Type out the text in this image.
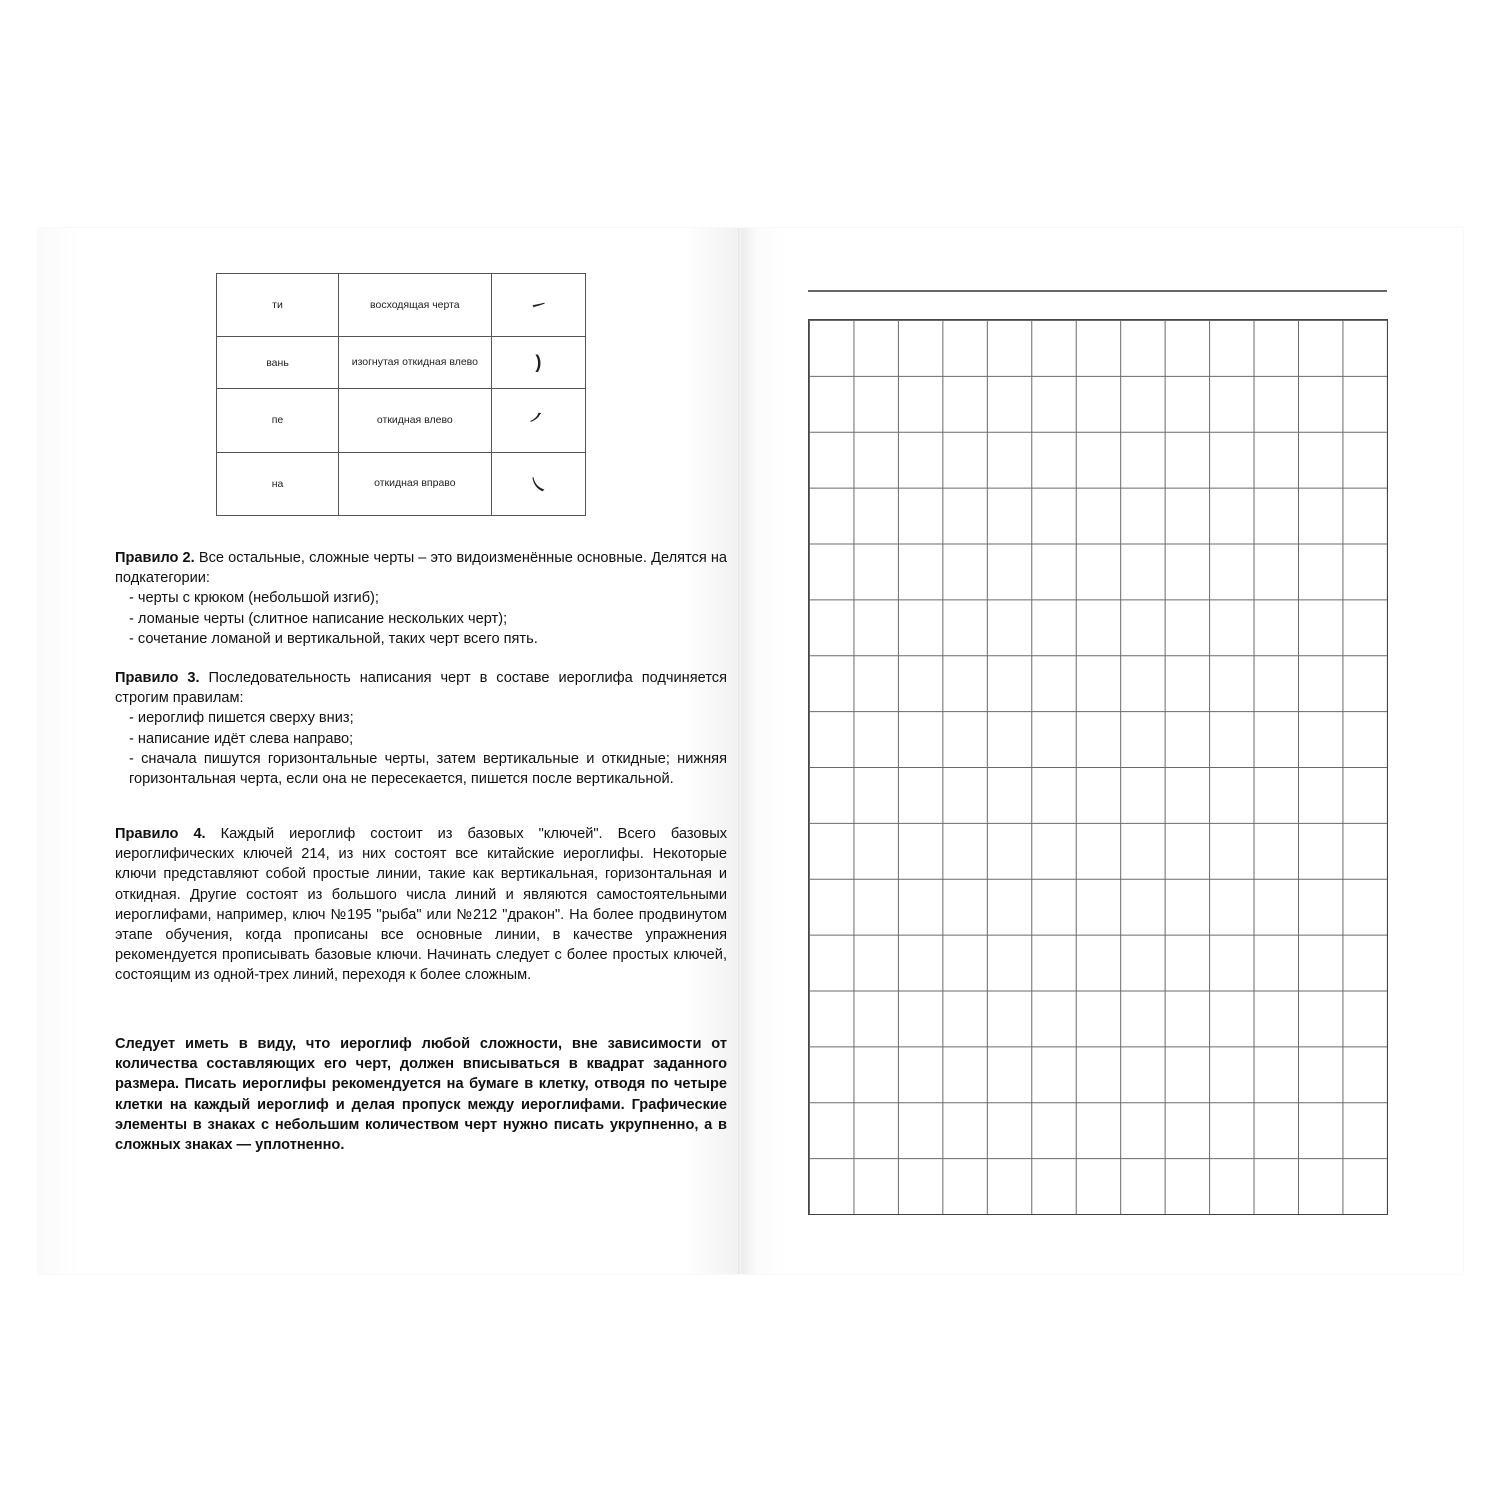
ти	восходящая черта	㇀
вань	изогнутая откидная влево	)
пе	откидная влево	㇒
на	откидная вправо	㇏

Правило 2. Все остальные, сложные черты – это видоизменённые основные. Делятся на подкатегории:

- черты с крюком (небольшой изгиб);

- ломаные черты (слитное написание нескольких черт);

- сочетание ломаной и вертикальной, таких черт всего пять.

Правило 3. Последовательность написания черт в составе иероглифа подчиняется строгим правилам:

- иероглиф пишется сверху вниз;

- написание идёт слева направо;

- сначала пишутся горизонтальные черты, затем вертикальные и откидные; нижняя горизонтальная черта, если она не пересекается, пишется после вертикальной.

Правило 4. Каждый иероглиф состоит из базовых "ключей". Всего базовых иероглифических ключей 214, из них состоят все китайские иероглифы. Некоторые ключи представляют собой простые линии, такие как вертикальная, горизонтальная и откидная. Другие состоят из большого числа линий и являются самостоятельными иероглифами, например, ключ №195 "рыба" или №212 "дракон". На более продвинутом этапе обучения, когда прописаны все основные линии, в качестве упражнения рекомендуется прописывать базовые ключи. Начинать следует с более простых ключей, состоящим из одной-трех линий, переходя к более сложным.

Следует иметь в виду, что иероглиф любой сложности, вне зависимости от количества составляющих его черт, должен вписываться в квадрат заданного размера. Писать иероглифы рекомендуется на бумаге в клетку, отводя по четыре клетки на каждый иероглиф и делая пропуск между иероглифами. Графические элементы в знаках с небольшим количеством черт нужно писать укрупненно, а в сложных знаках — уплотненно.
